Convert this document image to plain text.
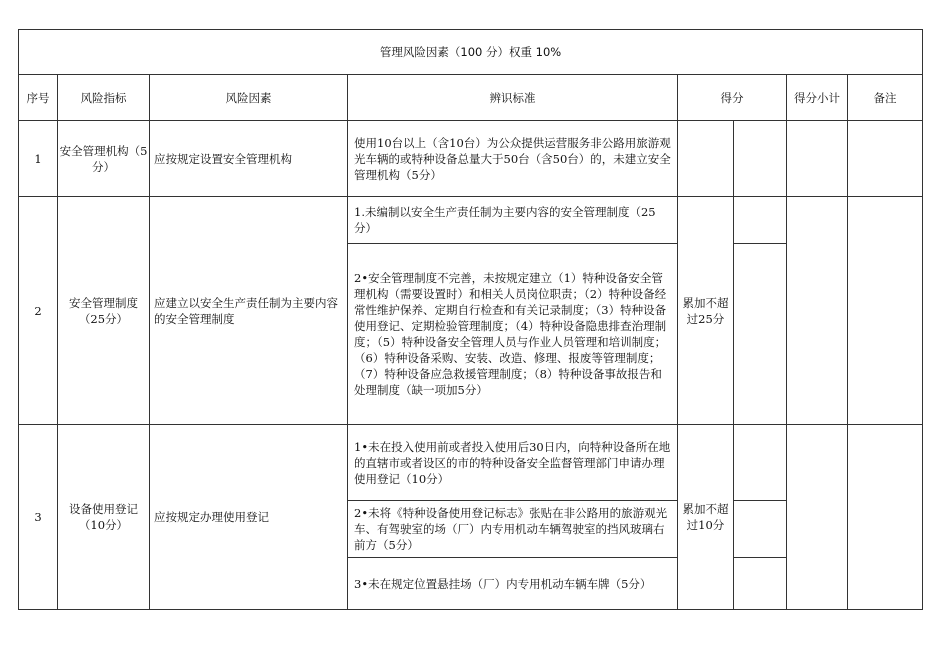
管理风险因素（100 分）权重 10%							
序号	风险指标	风险因素	辨识标准	得分		得分小计	备注
1	安全管理机构（5分）	应按规定设置安全管理机构	使用10台以上（含10台）为公众提供运营服务非公路用旅游观光车辆的或特种设备总量大于50台（含50台）的，未建立安全管理机构（5分）				
2	安全管理制度（25分）	应建立以安全生产责任制为主要内容的安全管理制度	1.未编制以安全生产责任制为主要内容的安全管理制度（25分）	累加不超过25分			
			2•安全管理制度不完善，未按规定建立（1）特种设备安全管理机构（需要设置时）和相关人员岗位职责；（2）特种设备经常性维护保养、定期自行检查和有关记录制度；（3）特种设备使用登记、定期检验管理制度；（4）特种设备隐患排查治理制度；（5）特种设备安全管理人员与作业人员管理和培训制度；（6）特种设备采购、安装、改造、修理、报废等管理制度；（7）特种设备应急救援管理制度；（8）特种设备事故报告和处理制度（缺一项加5分）				
3	设备使用登记（10分）	应按规定办理使用登记	1•未在投入使用前或者投入使用后30日内，向特种设备所在地的直辖市或者设区的市的特种设备安全监督管理部门申请办理使用登记（10分）	累加不超过10分			
			2•未将《特种设备使用登记标志》张贴在非公路用的旅游观光车、有驾驶室的场（厂）内专用机动车辆驾驶室的挡风玻璃右前方（5分）				
			3•未在规定位置悬挂场（厂）内专用机动车辆车牌（5分）				
